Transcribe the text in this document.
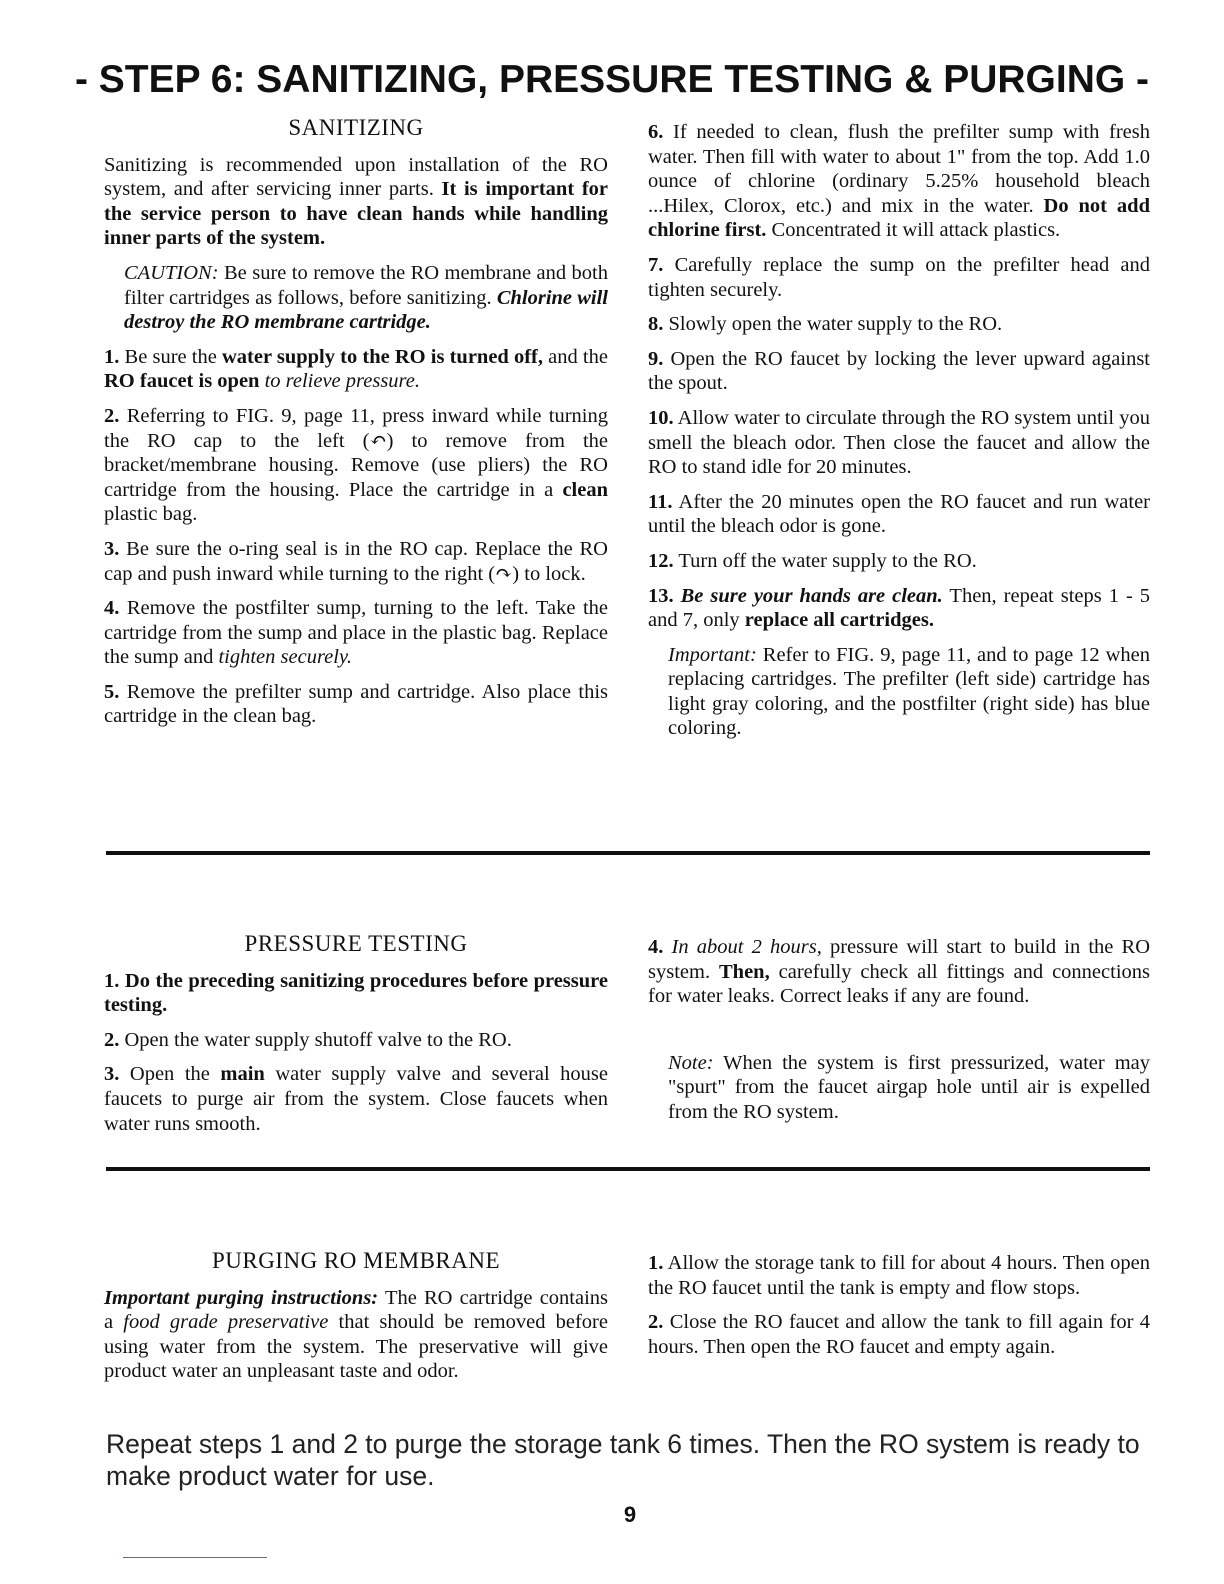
- STEP 6: SANITIZING, PRESSURE TESTING & PURGING -
SANITIZING

Sanitizing is recommended upon installation of the RO system, and after servicing inner parts. It is important for the service person to have clean hands while handling inner parts of the system.

CAUTION: Be sure to remove the RO membrane and both filter cartridges as follows, before sanitizing. Chlorine will destroy the RO membrane cartridge.

1. Be sure the water supply to the RO is turned off, and the RO faucet is open to relieve pressure.

2. Referring to FIG. 9, page 11, press inward while turning the RO cap to the left (↶) to remove from the bracket/membrane housing. Remove (use pliers) the RO cartridge from the housing. Place the cartridge in a clean plastic bag.

3. Be sure the o-ring seal is in the RO cap. Replace the RO cap and push inward while turning to the right (↷) to lock.

4. Remove the postfilter sump, turning to the left. Take the cartridge from the sump and place in the plastic bag. Replace the sump and tighten securely.

5. Remove the prefilter sump and cartridge. Also place this cartridge in the clean bag.

6. If needed to clean, flush the prefilter sump with fresh water. Then fill with water to about 1" from the top. Add 1.0 ounce of chlorine (ordinary 5.25% household bleach ...Hilex, Clorox, etc.) and mix in the water. Do not add chlorine first. Concentrated it will attack plastics.

7. Carefully replace the sump on the prefilter head and tighten securely.

8. Slowly open the water supply to the RO.

9. Open the RO faucet by locking the lever upward against the spout.

10. Allow water to circulate through the RO system until you smell the bleach odor. Then close the faucet and allow the RO to stand idle for 20 minutes.

11. After the 20 minutes open the RO faucet and run water until the bleach odor is gone.

12. Turn off the water supply to the RO.

13. Be sure your hands are clean. Then, repeat steps 1 - 5 and 7, only replace all cartridges.

Important: Refer to FIG. 9, page 11, and to page 12 when replacing cartridges. The prefilter (left side) cartridge has light gray coloring, and the postfilter (right side) has blue coloring.

PRESSURE TESTING

1. Do the preceding sanitizing procedures before pressure testing.

2. Open the water supply shutoff valve to the RO.

3. Open the main water supply valve and several house faucets to purge air from the system. Close faucets when water runs smooth.

4. In about 2 hours, pressure will start to build in the RO system. Then, carefully check all fittings and connections for water leaks. Correct leaks if any are found.

Note: When the system is first pressurized, water may "spurt" from the faucet airgap hole until air is expelled from the RO system.

PURGING RO MEMBRANE

Important purging instructions: The RO cartridge contains a food grade preservative that should be removed before using water from the system. The preservative will give product water an unpleasant taste and odor.

1. Allow the storage tank to fill for about 4 hours. Then open the RO faucet until the tank is empty and flow stops.

2. Close the RO faucet and allow the tank to fill again for 4 hours. Then open the RO faucet and empty again.

Repeat steps 1 and 2 to purge the storage tank 6 times. Then the RO system is ready to make product water for use.
9
